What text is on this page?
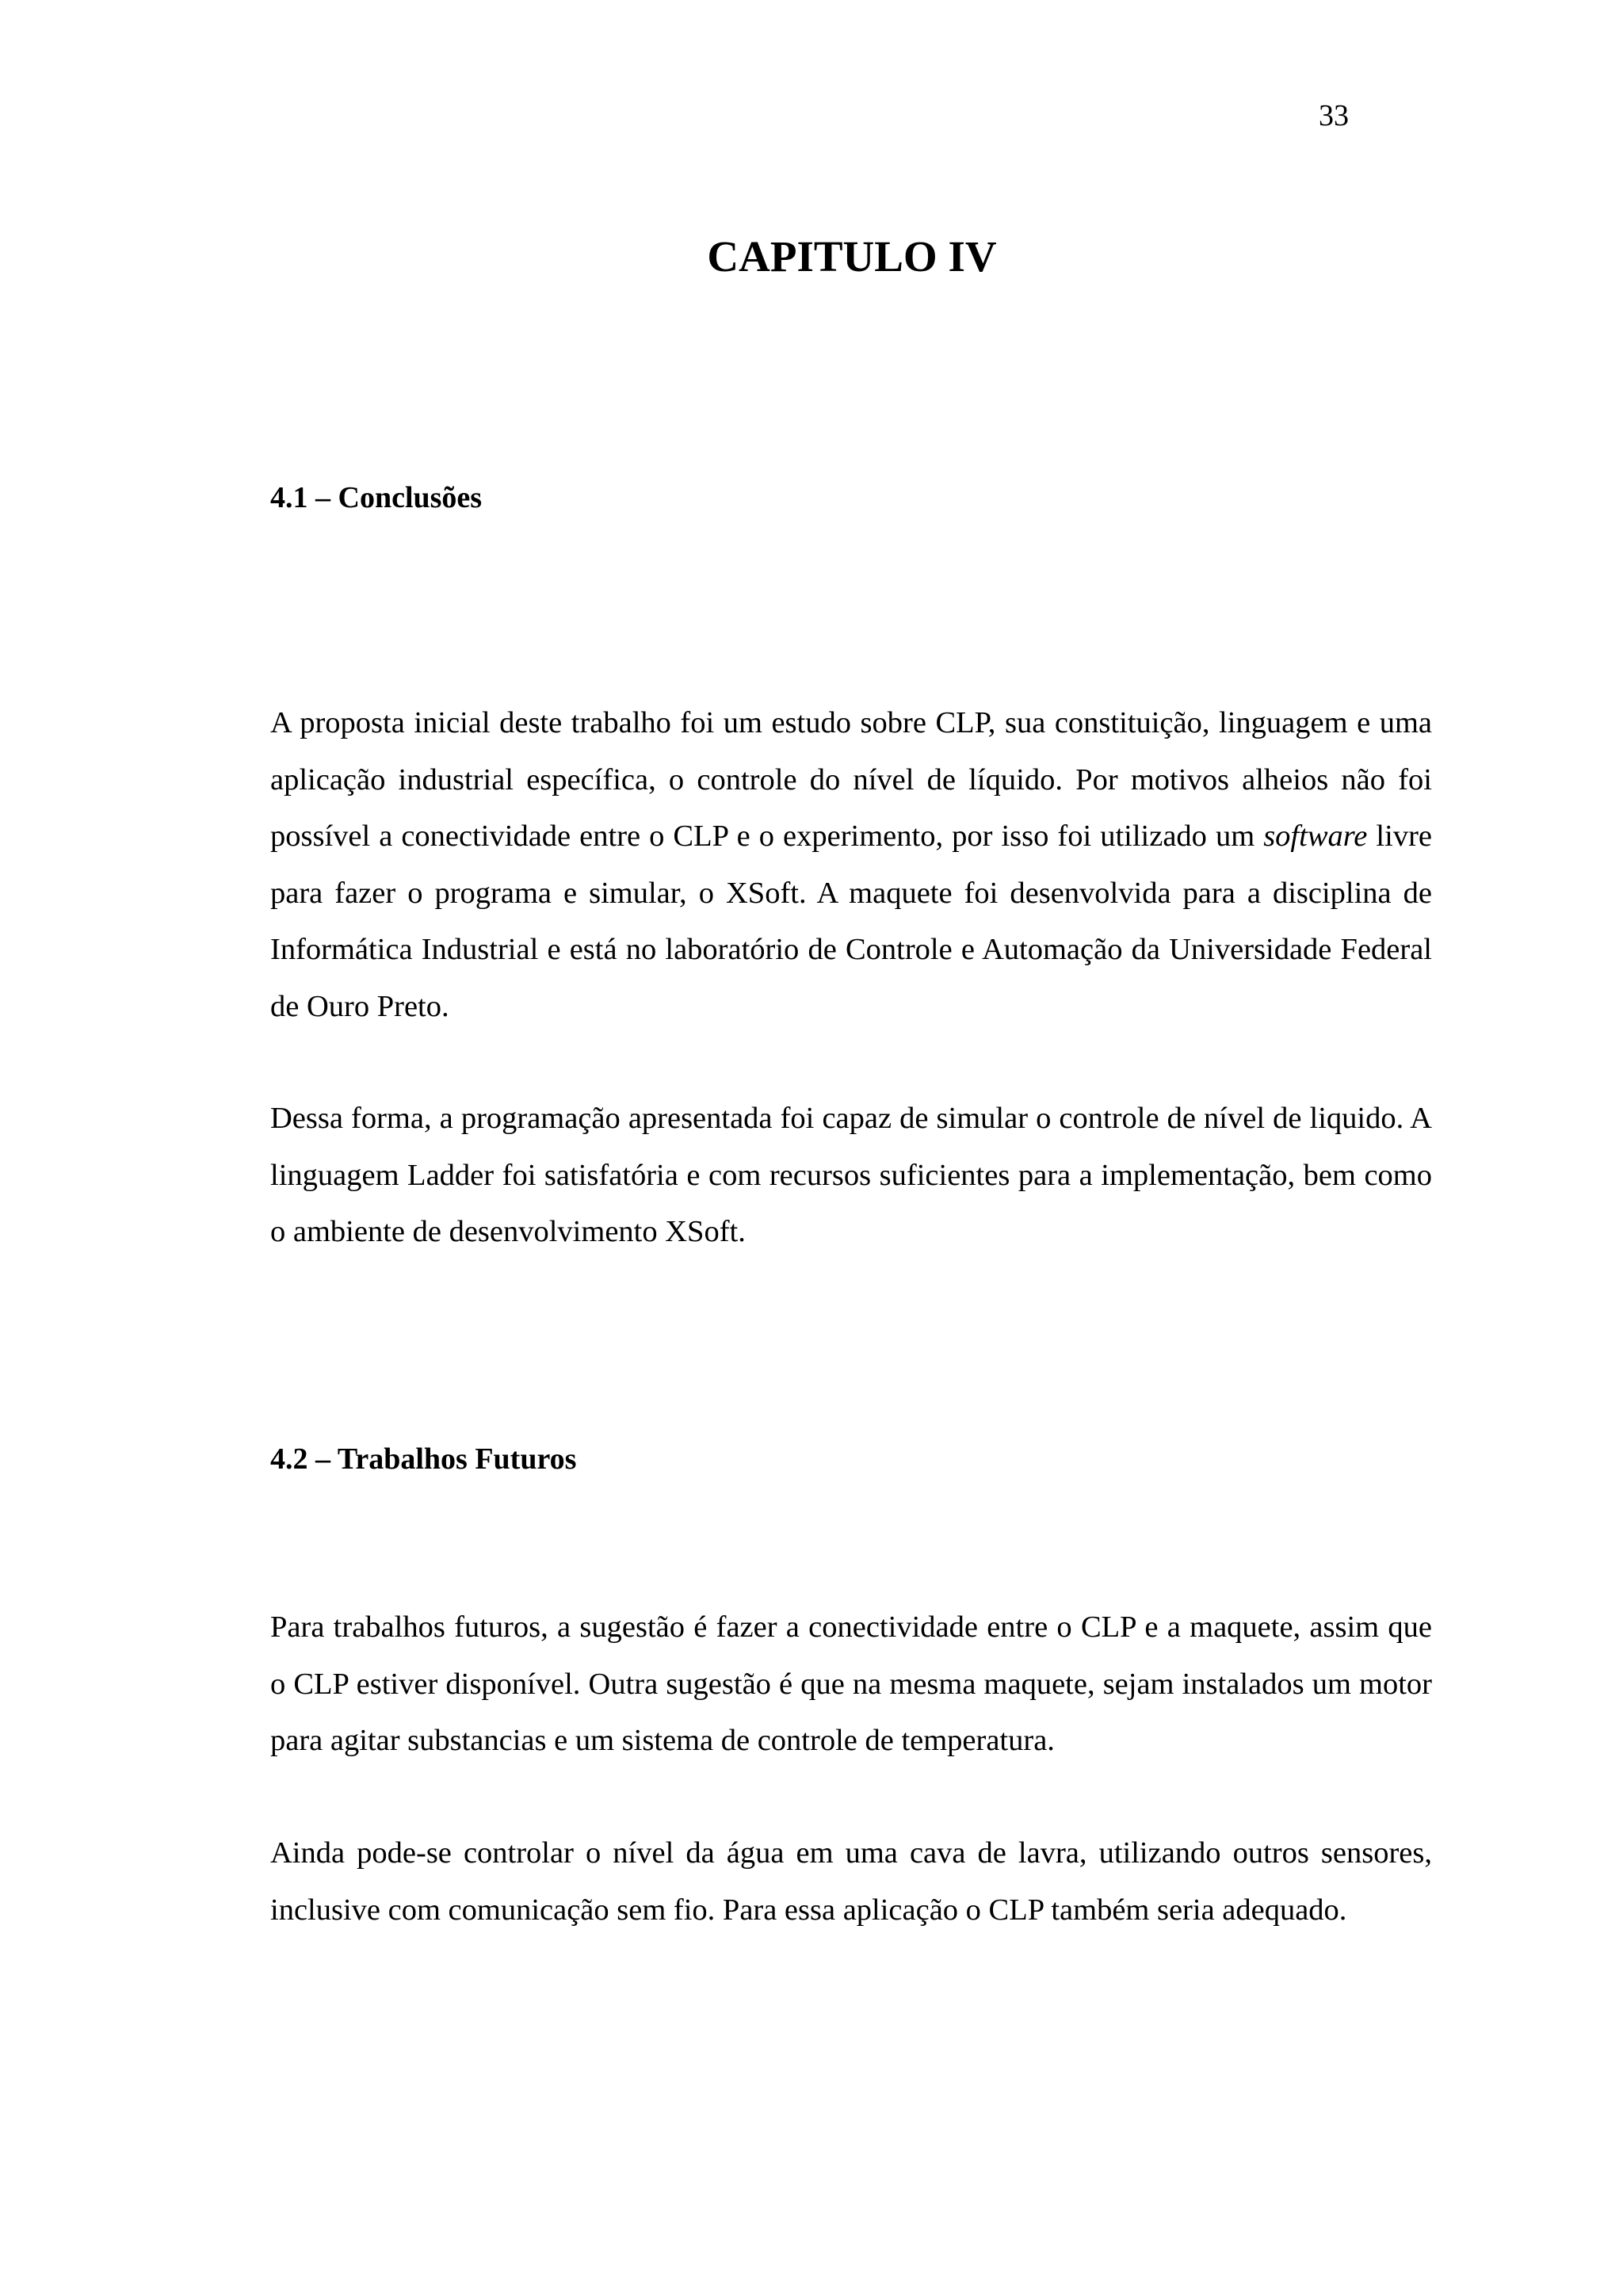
33
CAPITULO IV
4.1 – Conclusões

A proposta inicial deste trabalho foi um estudo sobre CLP, sua constituição, linguagem e uma aplicação industrial específica, o controle do nível de líquido. Por motivos alheios não foi possível a conectividade entre o CLP e o experimento, por isso foi utilizado um software livre para fazer o programa e simular, o XSoft. A maquete foi desenvolvida para a disciplina de Informática Industrial e está no laboratório de Controle e Automação da Universidade Federal de Ouro Preto.

Dessa forma, a programação apresentada foi capaz de simular o controle de nível de liquido. A linguagem Ladder foi satisfatória e com recursos suficientes para a implementação, bem como o ambiente de desenvolvimento XSoft.

4.2 – Trabalhos Futuros

Para trabalhos futuros, a sugestão é fazer a conectividade entre o CLP e a maquete, assim que o CLP estiver disponível. Outra sugestão é que na mesma maquete, sejam instalados um motor para agitar substancias e um sistema de controle de temperatura.

Ainda pode-se controlar o nível da água em uma cava de lavra, utilizando outros sensores, inclusive com comunicação sem fio. Para essa aplicação o CLP também seria adequado.
